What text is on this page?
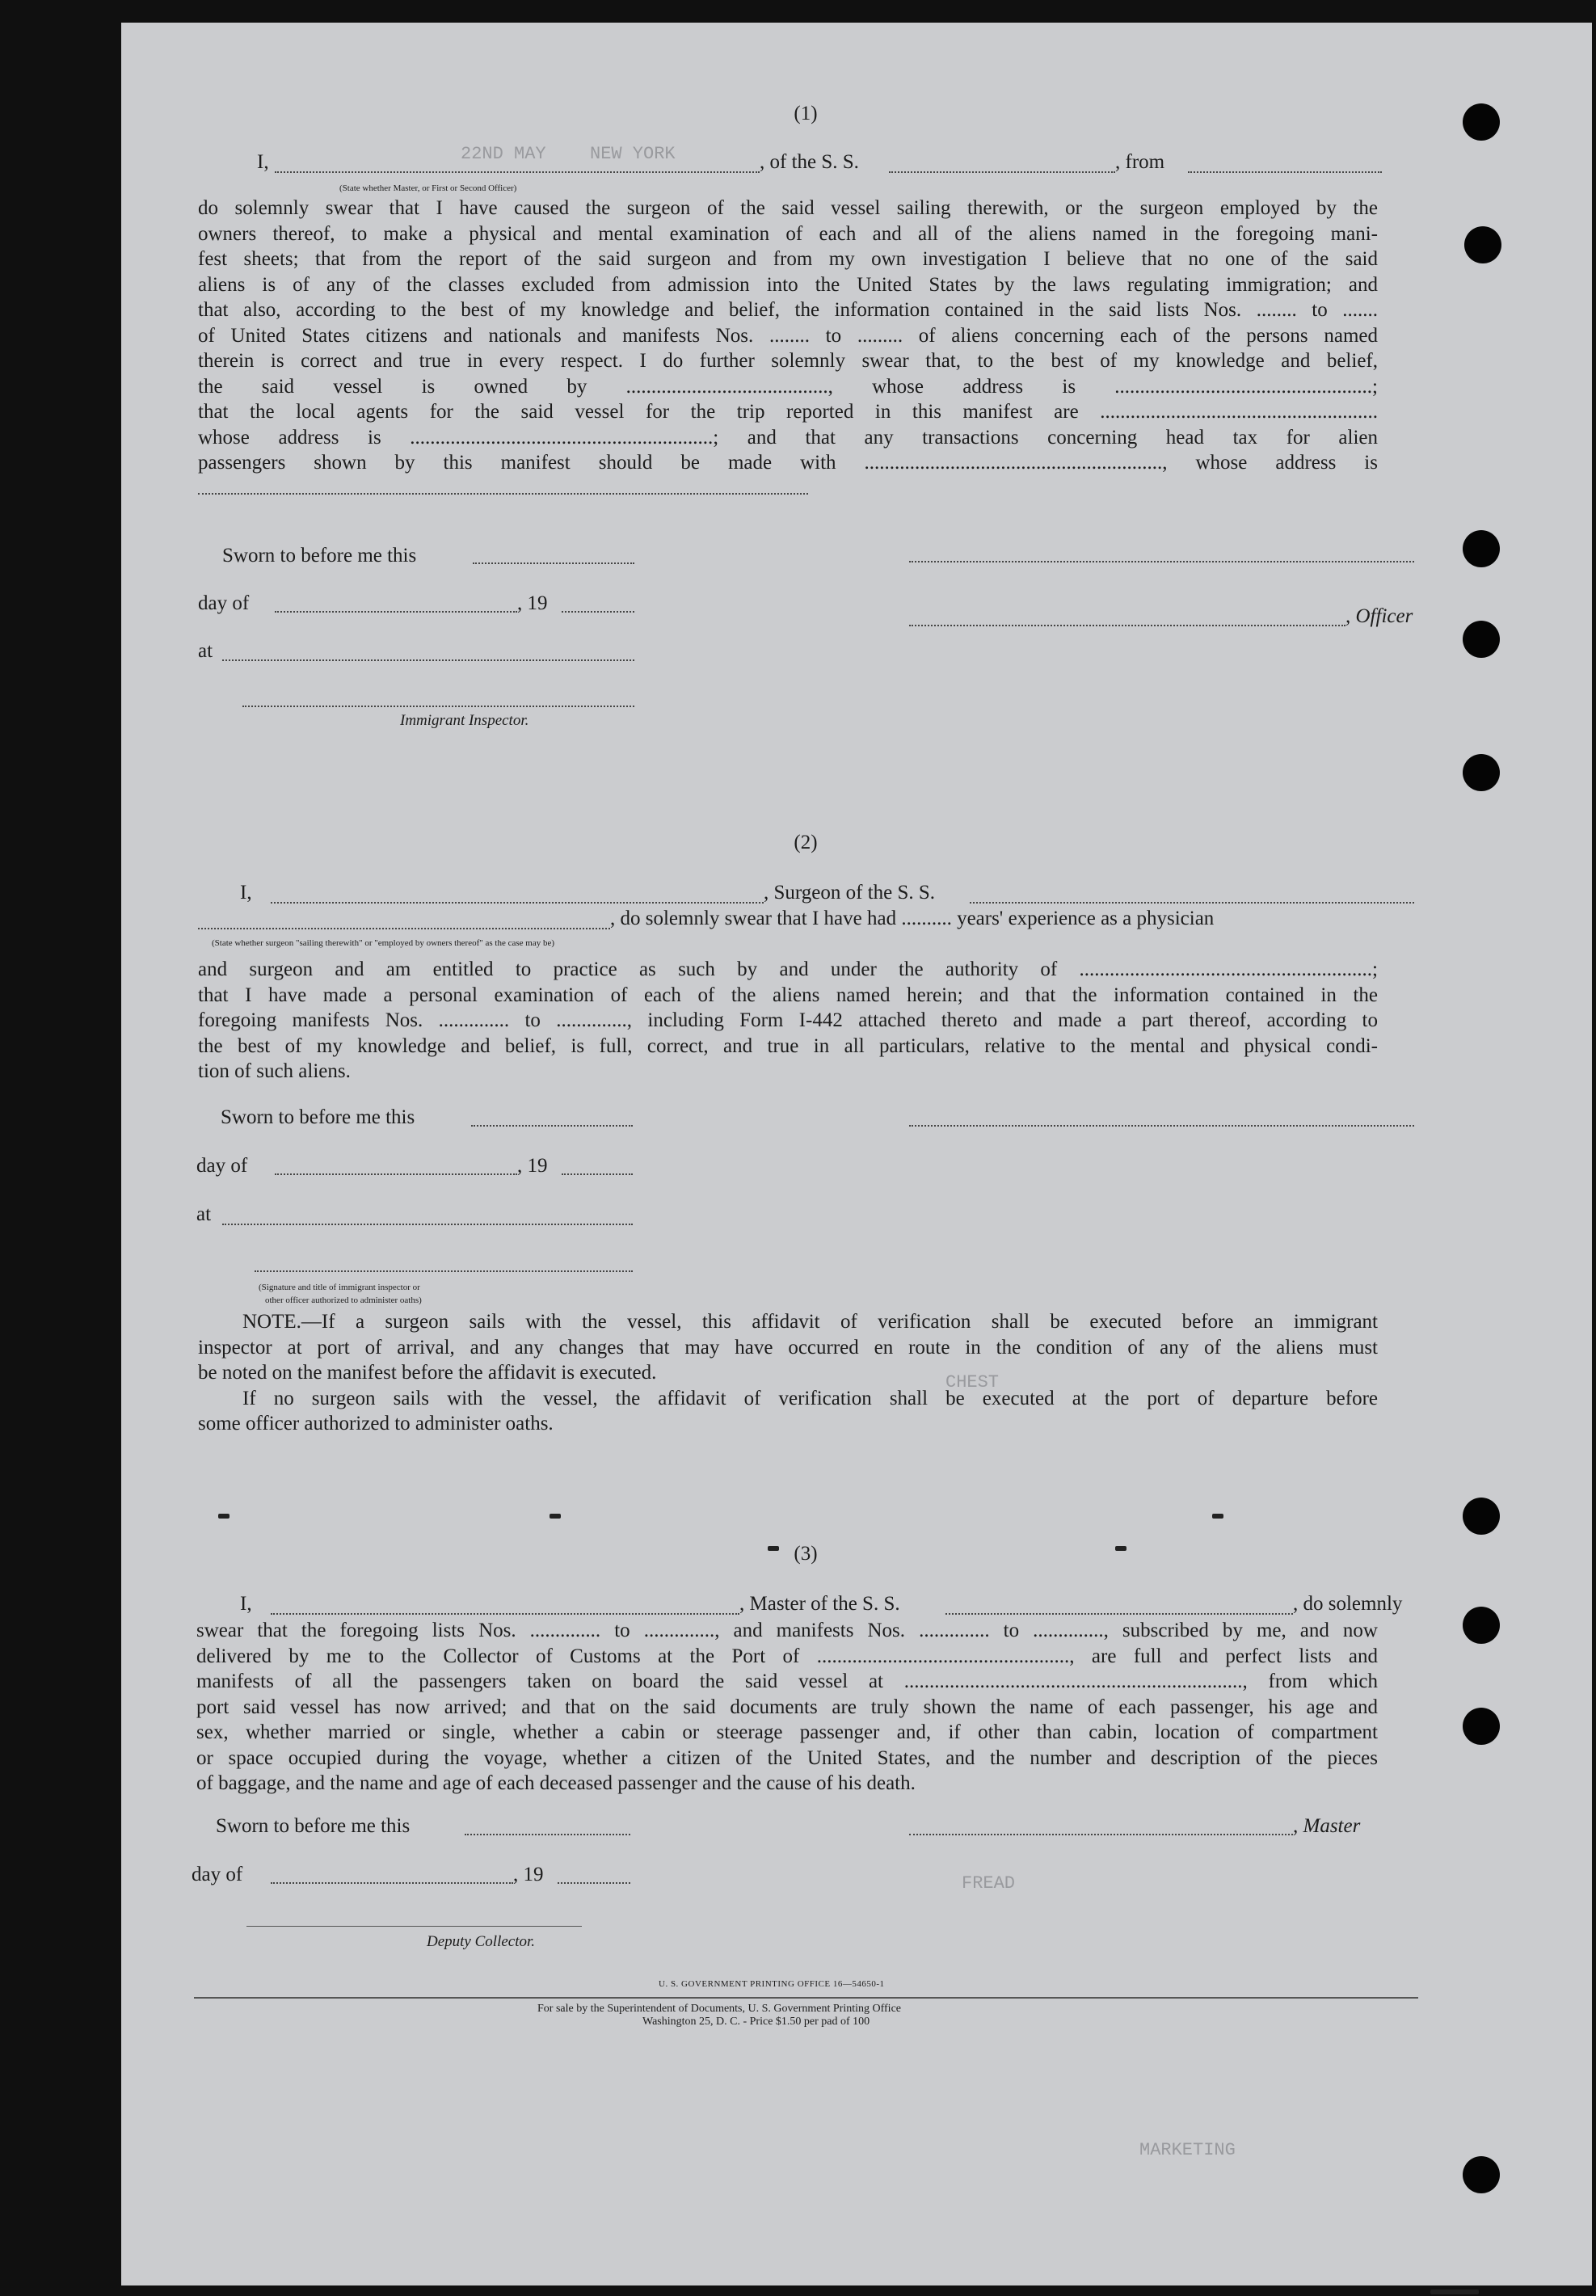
22ND MAY NEW YORK
CHEST
FREAD
MARKETING
(1)
I,	, of the S. S.	, from
(State whether Master, or First or Second Officer)
do solemnly swear that I have caused the surgeon of the said vessel sailing therewith, or the surgeon employed by the
owners thereof, to make a physical and mental examination of each and all of the aliens named in the foregoing mani-
fest sheets; that from the report of the said surgeon and from my own investigation I believe that no one of the said
aliens is of any of the classes excluded from admission into the United States by the laws regulating immigration; and
that also, according to the best of my knowledge and belief, the information contained in the said lists Nos. ........ to .......
of United States citizens and nationals and manifests Nos. ........ to ......... of aliens concerning each of the persons named
therein is correct and true in every respect. I do further solemnly swear that, to the best of my knowledge and belief,
the said vessel is owned by ........................................, whose address is ...................................................;
that the local agents for the said vessel for the trip reported in this manifest are .......................................................
whose address is ............................................................; and that any transactions concerning head tax for alien
passengers shown by this manifest should be made with ..........................................................., whose address is
Sworn to before me this
day of	, 19
at
Immigrant Inspector.
, Officer
(2)
I,	, Surgeon of the S. S.
, do solemnly swear that I have had .......... years' experience as a physician
(State whether surgeon "sailing therewith" or "employed by owners thereof" as the case may be)
and surgeon and am entitled to practice as such by and under the authority of ..........................................................;
that I have made a personal examination of each of the aliens named herein; and that the information contained in the
foregoing manifests Nos. .............. to .............., including Form I-442 attached thereto and made a part thereof, according to
the best of my knowledge and belief, is full, correct, and true in all particulars, relative to the mental and physical condi-
tion of such aliens.
Sworn to before me this
day of	, 19
at
(Signature and title of immigrant inspector or
other officer authorized to administer oaths)
NOTE.—If a surgeon sails with the vessel, this affidavit of verification shall be executed before an immigrant
inspector at port of arrival, and any changes that may have occurred en route in the condition of any of the aliens must
be noted on the manifest before the affidavit is executed.
If no surgeon sails with the vessel, the affidavit of verification shall be executed at the port of departure before
some officer authorized to administer oaths.
(3)
I,	, Master of the S. S.	, do solemnly
swear that the foregoing lists Nos. .............. to .............., and manifests Nos. .............. to .............., subscribed by me, and now
delivered by me to the Collector of Customs at the Port of .................................................., are full and perfect lists and
manifests of all the passengers taken on board the said vessel at ..................................................................., from which
port said vessel has now arrived; and that on the said documents are truly shown the name of each passenger, his age and
sex, whether married or single, whether a cabin or steerage passenger and, if other than cabin, location of compartment
or space occupied during the voyage, whether a citizen of the United States, and the number and description of the pieces
of baggage, and the name and age of each deceased passenger and the cause of his death.
Sworn to before me this	, Master
day of	, 19
Deputy Collector.
U. S. GOVERNMENT PRINTING OFFICE 16—54650-1
For sale by the Superintendent of Documents, U. S. Government Printing Office
Washington 25, D. C. - Price $1.50 per pad of 100
